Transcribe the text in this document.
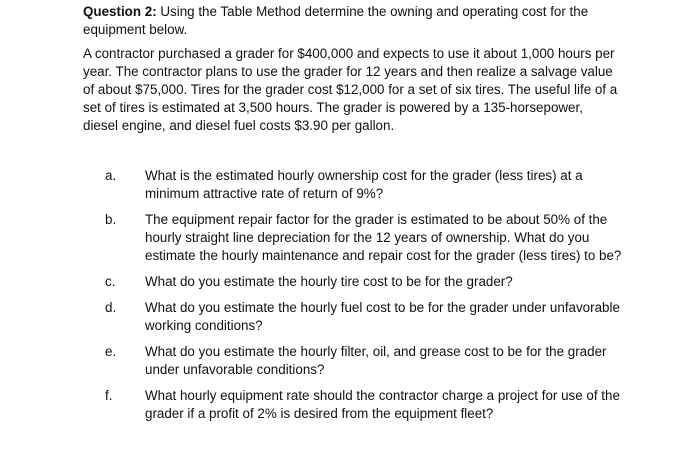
Question 2: Using the Table Method determine the owning and operating cost for the equipment below.

A contractor purchased a grader for $400,000 and expects to use it about 1,000 hours per year. The contractor plans to use the grader for 12 years and then realize a salvage value of about $75,000. Tires for the grader cost $12,000 for a set of six tires. The useful life of a set of tires is estimated at 3,500 hours. The grader is powered by a 135-horsepower, diesel engine, and diesel fuel costs $3.90 per gallon.

a.	What is the estimated hourly ownership cost for the grader (less tires) at a minimum attractive rate of return of 9%?
b.	The equipment repair factor for the grader is estimated to be about 50% of the hourly straight line depreciation for the 12 years of ownership. What do you estimate the hourly maintenance and repair cost for the grader (less tires) to be?
c.	What do you estimate the hourly tire cost to be for the grader?
d.	What do you estimate the hourly fuel cost to be for the grader under unfavorable working conditions?
e.	What do you estimate the hourly filter, oil, and grease cost to be for the grader under unfavorable conditions?
f.	What hourly equipment rate should the contractor charge a project for use of the grader if a profit of 2% is desired from the equipment fleet?
